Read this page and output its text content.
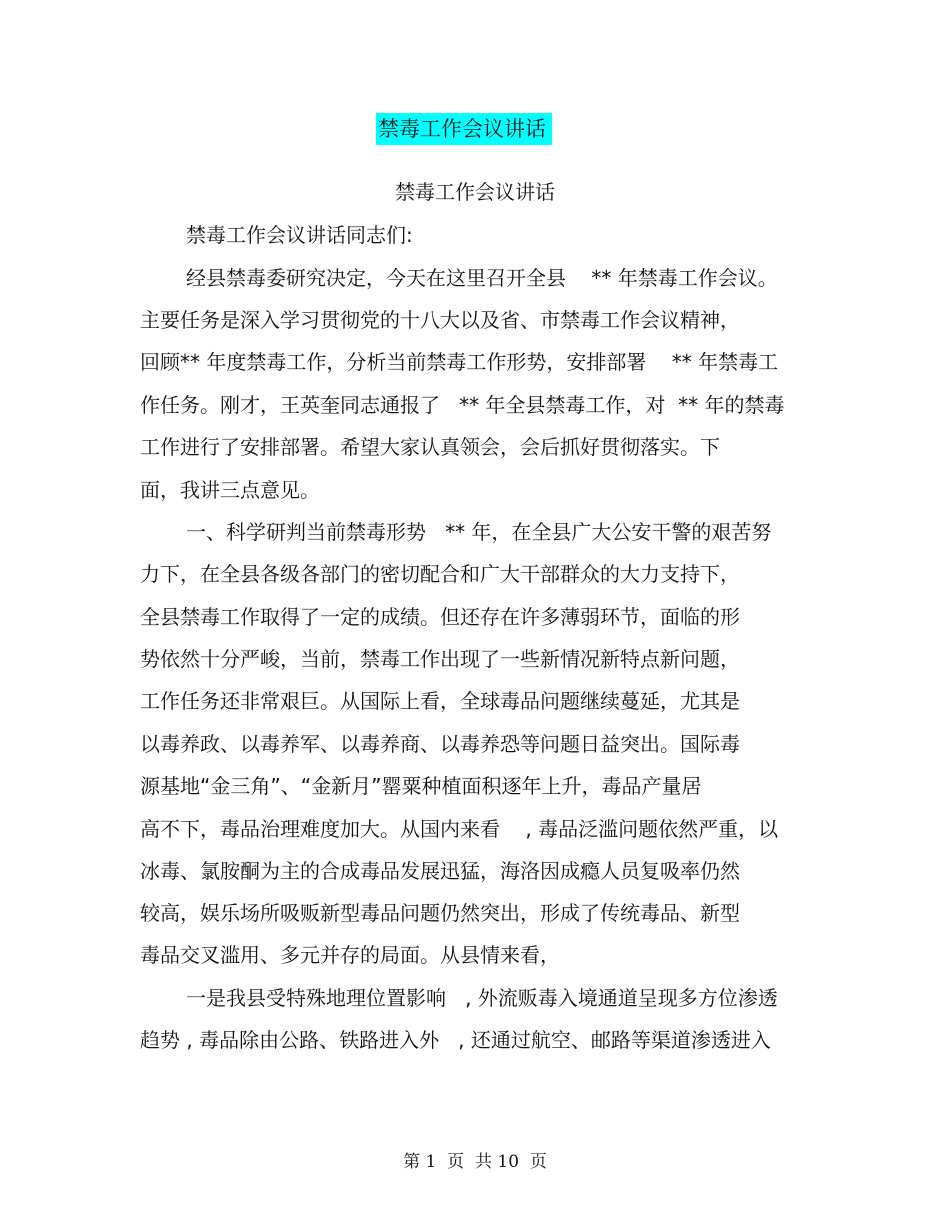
禁毒工作会议讲话
禁毒工作会议讲话
禁毒工作会议讲话同志们:
经县禁毒委研究决定，今天在这里召开全县    ** 年禁毒工作会议。
主要任务是深入学习贯彻党的十八大以及省、市禁毒工作会议精神，
回顾** 年度禁毒工作，分析当前禁毒工作形势，安排部署    ** 年禁毒工
作任务。刚才，王英奎同志通报了   ** 年全县禁毒工作，对  ** 年的禁毒
工作进行了安排部署。希望大家认真领会，会后抓好贯彻落实。下
面，我讲三点意见。
一、科学研判当前禁毒形势   ** 年，在全县广大公安干警的艰苦努
力下，在全县各级各部门的密切配合和广大干部群众的大力支持下，
全县禁毒工作取得了一定的成绩。但还存在许多薄弱环节，面临的形
势依然十分严峻，当前，禁毒工作出现了一些新情况新特点新问题，
工作任务还非常艰巨。从国际上看，全球毒品问题继续蔓延，尤其是
以毒养政、以毒养军、以毒养商、以毒养恐等问题日益突出。国际毒
源基地“金三角”、“金新月”罂粟种植面积逐年上升，毒品产量居
高不下，毒品治理难度加大。从国内来看    , 毒品泛滥问题依然严重，以
冰毒、氯胺酮为主的合成毒品发展迅猛，海洛因成瘾人员复吸率仍然
较高，娱乐场所吸贩新型毒品问题仍然突出，形成了传统毒品、新型
毒品交叉滥用、多元并存的局面。从县情来看，
一是我县受特殊地理位置影响   , 外流贩毒入境通道呈现多方位渗透
趋势 , 毒品除由公路、铁路进入外   , 还通过航空、邮路等渠道渗透进入
第 1  页  共 10  页
